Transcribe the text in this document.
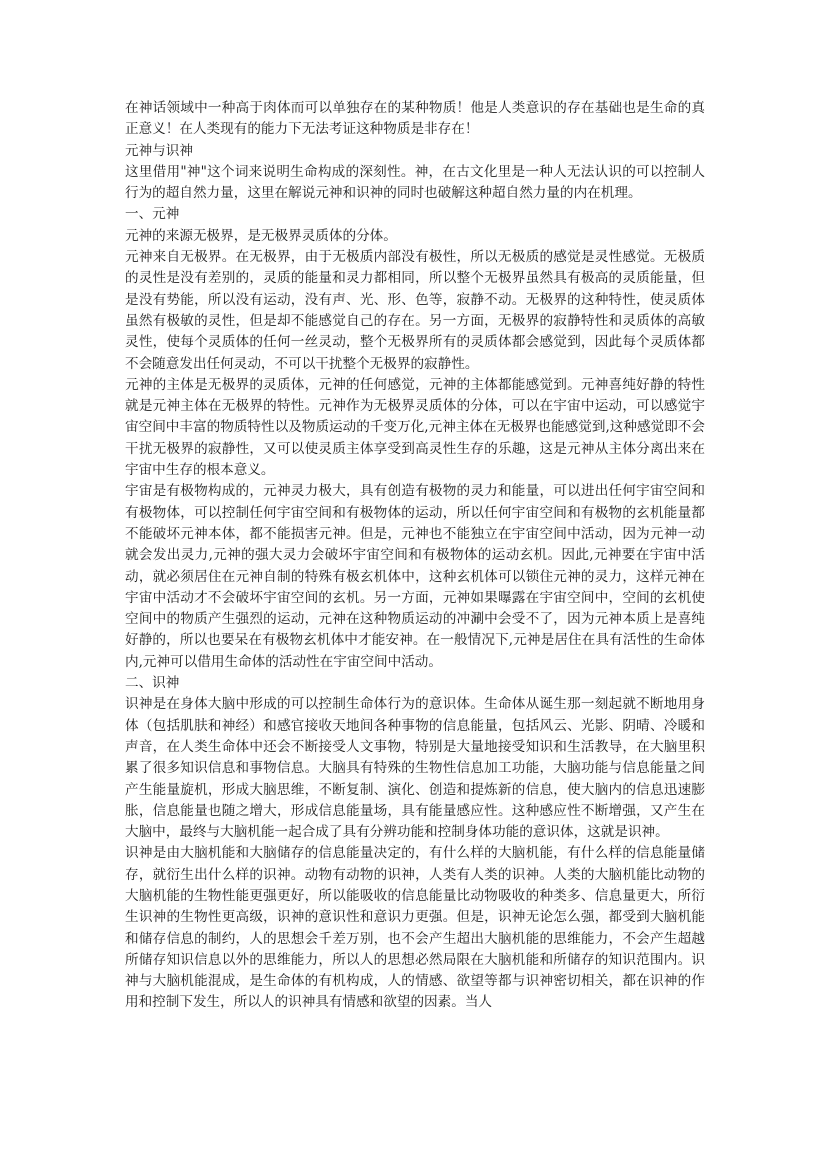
在神话领域中一种高于肉体而可以单独存在的某种物质！他是人类意识的存在基础也是生命的真正意义！在人类现有的能力下无法考证这种物质是非存在！

元神与识神

这里借用"神"这个词来说明生命构成的深刻性。神，在古文化里是一种人无法认识的可以控制人行为的超自然力量，这里在解说元神和识神的同时也破解这种超自然力量的内在机理。

一、元神

元神的来源无极界，是无极界灵质体的分体。

元神来自无极界。在无极界，由于无极质内部没有极性，所以无极质的感觉是灵性感觉。无极质的灵性是没有差别的，灵质的能量和灵力都相同，所以整个无极界虽然具有极高的灵质能量，但是没有势能，所以没有运动，没有声、光、形、色等，寂静不动。无极界的这种特性，使灵质体虽然有极敏的灵性，但是却不能感觉自己的存在。另一方面，无极界的寂静特性和灵质体的高敏灵性，使每个灵质体的任何一丝灵动，整个无极界所有的灵质体都会感觉到，因此每个灵质体都不会随意发出任何灵动，不可以干扰整个无极界的寂静性。

元神的主体是无极界的灵质体，元神的任何感觉，元神的主体都能感觉到。元神喜纯好静的特性就是元神主体在无极界的特性。元神作为无极界灵质体的分体，可以在宇宙中运动，可以感觉宇宙空间中丰富的物质特性以及物质运动的千变万化,元神主体在无极界也能感觉到,这种感觉即不会干扰无极界的寂静性，又可以使灵质主体享受到高灵性生存的乐趣，这是元神从主体分离出来在宇宙中生存的根本意义。

宇宙是有极物构成的，元神灵力极大，具有创造有极物的灵力和能量，可以进出任何宇宙空间和有极物体，可以控制任何宇宙空间和有极物体的运动，所以任何宇宙空间和有极物的玄机能量都不能破坏元神本体，都不能损害元神。但是，元神也不能独立在宇宙空间中活动，因为元神一动就会发出灵力,元神的强大灵力会破坏宇宙空间和有极物体的运动玄机。因此,元神要在宇宙中活动，就必须居住在元神自制的特殊有极玄机体中，这种玄机体可以锁住元神的灵力，这样元神在宇宙中活动才不会破坏宇宙空间的玄机。另一方面，元神如果曝露在宇宙空间中，空间的玄机使空间中的物质产生强烈的运动，元神在这种物质运动的冲涮中会受不了，因为元神本质上是喜纯好静的，所以也要呆在有极物玄机体中才能安神。在一般情况下,元神是居住在具有活性的生命体内,元神可以借用生命体的活动性在宇宙空间中活动。

二、识神

识神是在身体大脑中形成的可以控制生命体行为的意识体。生命体从诞生那一刻起就不断地用身体（包括肌肤和神经）和感官接收天地间各种事物的信息能量，包括风云、光影、阴晴、冷暖和声音，在人类生命体中还会不断接受人文事物，特别是大量地接受知识和生活教导，在大脑里积累了很多知识信息和事物信息。大脑具有特殊的生物性信息加工功能，大脑功能与信息能量之间产生能量旋机，形成大脑思维，不断复制、演化、创造和提炼新的信息，使大脑内的信息迅速膨胀，信息能量也随之增大，形成信息能量场，具有能量感应性。这种感应性不断增强，又产生在大脑中，最终与大脑机能一起合成了具有分辨功能和控制身体功能的意识体，这就是识神。

识神是由大脑机能和大脑储存的信息能量决定的，有什么样的大脑机能，有什么样的信息能量储存，就衍生出什么样的识神。动物有动物的识神，人类有人类的识神。人类的大脑机能比动物的大脑机能的生物性能更强更好，所以能吸收的信息能量比动物吸收的种类多、信息量更大，所衍生识神的生物性更高级，识神的意识性和意识力更强。但是，识神无论怎么强，都受到大脑机能和储存信息的制约，人的思想会千差万别，也不会产生超出大脑机能的思维能力，不会产生超越所储存知识信息以外的思维能力，所以人的思想必然局限在大脑机能和所储存的知识范围内。识神与大脑机能混成，是生命体的有机构成，人的情感、欲望等都与识神密切相关，都在识神的作用和控制下发生，所以人的识神具有情感和欲望的因素。当人
